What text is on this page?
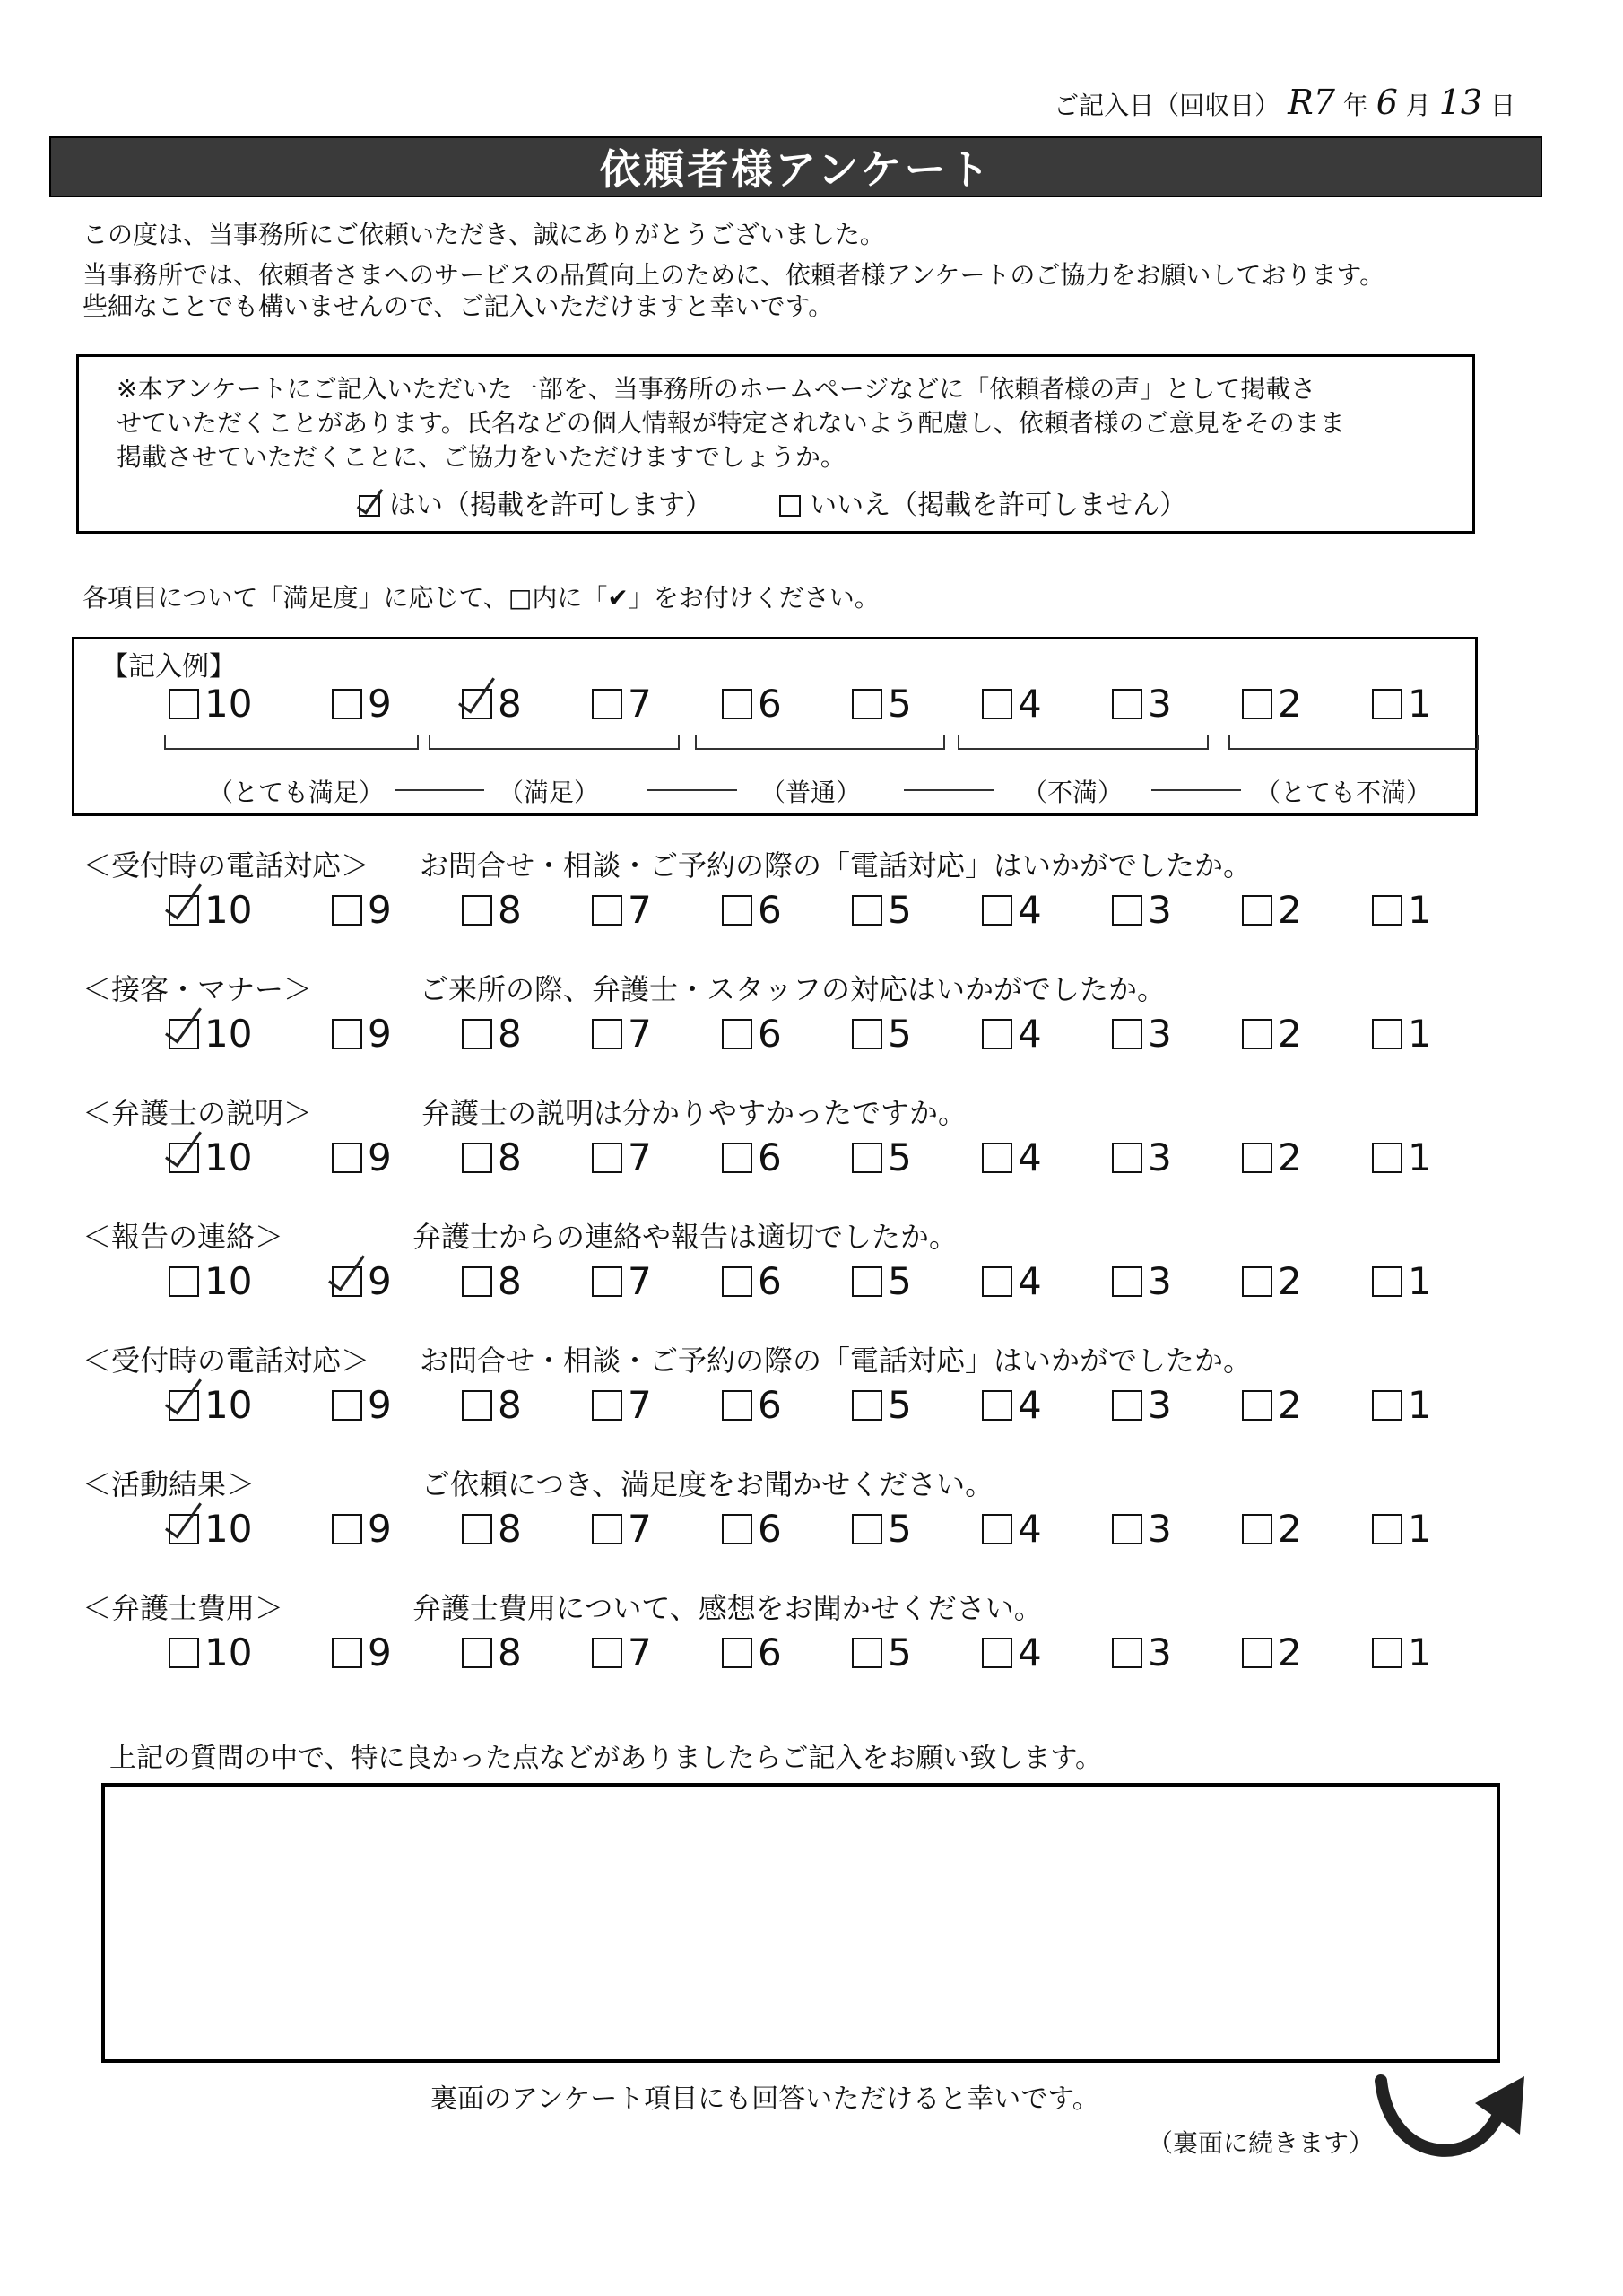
ご記入日（回収日） R7 年 6 月 13 日
依頼者様アンケート
この度は、当事務所にご依頼いただき、誠にありがとうございました。
当事務所では、依頼者さまへのサービスの品質向上のために、依頼者様アンケートのご協力をお願いしております。
些細なことでも構いませんので、ご記入いただけますと幸いです。
※本アンケートにご記入いただいた一部を、当事務所のホームページなどに「依頼者様の声」として掲載さ
せていただくことがあります。氏名などの個人情報が特定されないよう配慮し、依頼者様のご意見をそのまま
掲載させていただくことに、ご協力をいただけますでしょうか。
はい（掲載を許可します）	いいえ（掲載を許可しません）
各項目について「満足度」に応じて、□内に「✔」をお付けください。
【記入例】
10	9	8	7	6	5	4	3	2	1
（とても満足）	（満足）	（普通）	（不満）	（とても不満）
＜受付時の電話対応＞ お問合せ・相談・ご予約の際の「電話対応」はいかがでしたか。
10	9	8	7	6	5	4	3	2	1
＜接客・マナー＞	ご来所の際、弁護士・スタッフの対応はいかがでしたか。
10	9	8	7	6	5	4	3	2	1
＜弁護士の説明＞	弁護士の説明は分かりやすかったですか。
10	9	8	7	6	5	4	3	2	1
＜報告の連絡＞	弁護士からの連絡や報告は適切でしたか。
10	9	8	7	6	5	4	3	2	1
＜受付時の電話対応＞ お問合せ・相談・ご予約の際の「電話対応」はいかがでしたか。
10	9	8	7	6	5	4	3	2	1
＜活動結果＞	ご依頼につき、満足度をお聞かせください。
10	9	8	7	6	5	4	3	2	1
＜弁護士費用＞	弁護士費用について、感想をお聞かせください。
10	9	8	7	6	5	4	3	2	1
上記の質問の中で、特に良かった点などがありましたらご記入をお願い致します。
裏面のアンケート項目にも回答いただけると幸いです。
（裏面に続きます）
